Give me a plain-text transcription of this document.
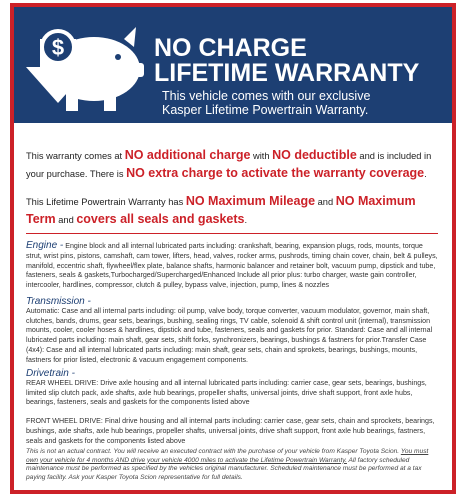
$	NO CHARGE
LIFETIME WARRANTY
This vehicle comes with our exclusive
Kasper Lifetime Powertrain Warranty.
This warranty comes at NO additional charge with NO deductible and is included in your purchase. There is NO extra charge to activate the warranty coverage.
This Lifetime Powertrain Warranty has NO Maximum Mileage and NO Maximum Term and covers all seals and gaskets.

Engine - Engine block and all internal lubricated parts including: crankshaft, bearing, expansion plugs, rods, mounts, torque strut, wrist pins, pistons, camshaft, cam tower, lifters, head, valves, rocker arms, pushrods, timing chain cover, chain, belt & pulleys, manifold, eccentric shaft, flywheel/flex plate, balance shafts, harmonic balancer and retainer bolt, vacuum pump, dipstick and tube, fasteners, seals & gaskets,Turbocharged/Supercharged/Enhanced Include all prior plus: turbo charger, waste gain controller, intercooler, hardlines, compressor, clutch & pulley, bypass valve, injection, pump, lines & nozzles

Transmission -

Automatic: Case and all internal parts including: oil pump, valve body, torque converter, vacuum modulator, governor, main shaft, clutches, bands, drums, gear sets, bearings, bushing, sealing rings, TV cable, solenoid & shift control unit (internal), transmission mounts, cooler, cooler hoses & hardlines, dipstick and tube, fasteners, seals and gaskets for prior. Standard: Case and all internal lubricated parts including: main shaft, gear sets, shift forks, synchronizers, bearings, bushings & fastners for prior.Transfer Case (4x4): Case and all internal lubricated parts including: main shaft, gear sets, chain and sprokets, bearings, bushings, mounts, fastners for prior listed, electronic & vacuum engagement components.

Drivetrain -

REAR WHEEL DRIVE: Drive axle housing and all internal lubricated parts including: carrier case, gear sets, bearings, bushings, limited slip clutch pack, axle shafts, axle hub bearings, propeller shafts, universal joints, drive shaft support, front axle hubs, bearings, fasteners, seals and gaskets for the components listed above

FRONT WHEEL DRIVE: Final drive housing and all internal parts including: carrier case, gear sets, chain and sprockets, bearings, bushings, axle shafts, axle hub bearings, propeller shafts, universal joints, drive shaft support, front axle hub bearings, fastners, seals and gaskets for the components listed above

This is not an actual contract. You will receive an executed contract with the purchase of your vehicle from Kasper Toyota Scion. You must own your vehicle for 4 months AND drive your vehicle 4000 miles to activate the Lifetime Powertrain Warranty. All factory scheduled maintenance must be performed as specified by the vehicles original manufacturer. Scheduled maintenance must be performed at a tax paying facility. Ask your Kasper Toyota Scion representative for full details.
